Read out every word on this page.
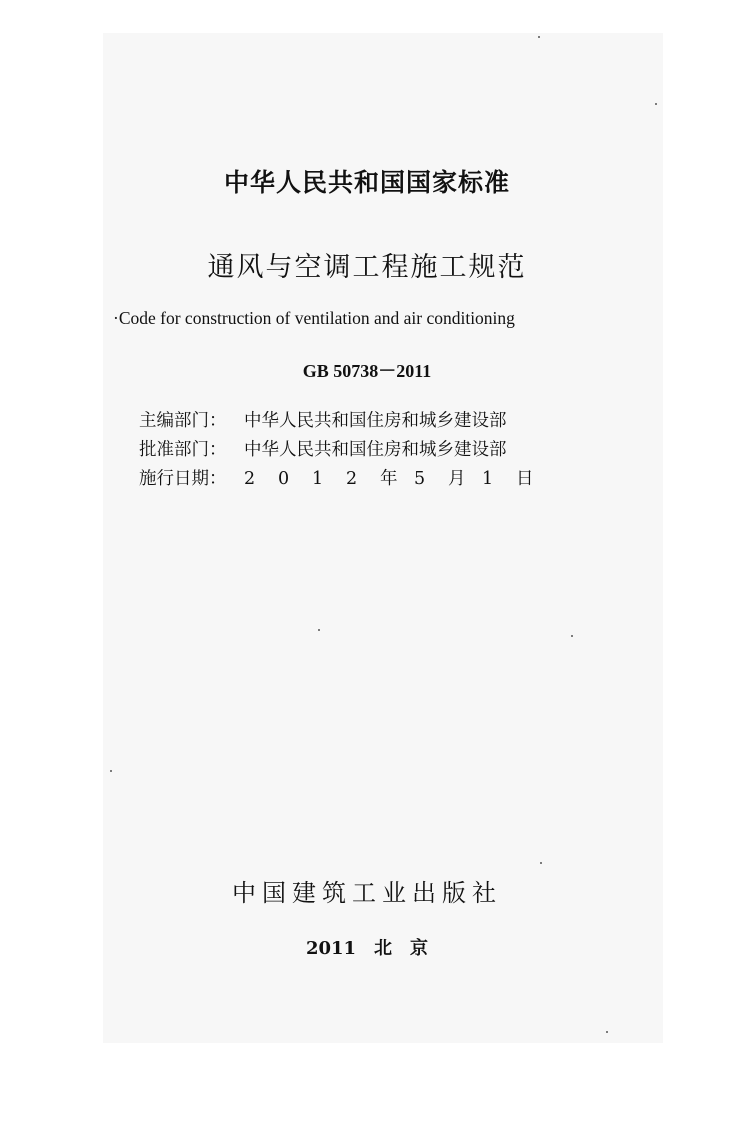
中华人民共和国国家标准
通风与空调工程施工规范
·Code for construction of ventilation and air conditioning
GB 50738－2011
主编部门：	中华人民共和国住房和城乡建设部
批准部门：	中华人民共和国住房和城乡建设部
施行日期：	2	0	1	2	年 5	月 1	日
中国建筑工业出版社
2011　北　京
